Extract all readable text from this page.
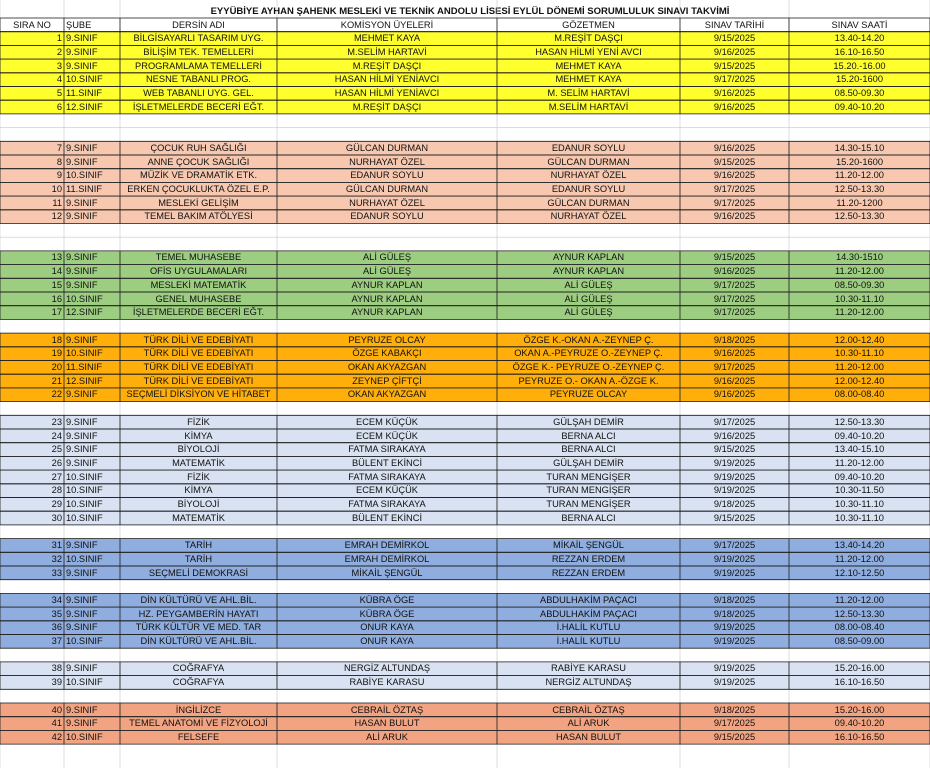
EYYÜBİYE AYHAN ŞAHENK MESLEKİ VE TEKNİK ANDOLU LİSESİ EYLÜL DÖNEMİ SORUMLULUK SINAVI TAKVİMİ
SIRA NO	ŞUBE	DERSİN ADI	KOMİSYON ÜYELERİ	GÖZETMEN	SINAV TARİHİ	SINAV SAATİ
1 9.SINIF	BİLGİSAYARLI TASARIM UYG.	MEHMET KAYA	M.REŞİT DAŞÇI	9/15/2025	13.40-14.20
2 9.SINIF	BİLİŞİM TEK. TEMELLERİ	M.SELİM HARTAVİ	HASAN HİLMİ YENİ AVCI	9/16/2025	16.10-16.50
3 9.SINIF	PROGRAMLAMA TEMELLERİ	M.REŞİT DAŞÇI	MEHMET KAYA	9/15/2025	15.20.-16.00
4 10.SINIF	NESNE TABANLI PROG.	HASAN HİLMİ YENİAVCI	MEHMET KAYA	9/17/2025	15.20-1600
5 11.SINIF	WEB TABANLI UYG. GEL.	HASAN HİLMİ YENİAVCI	M. SELİM HARTAVİ	9/16/2025	08.50-09.30
6 12.SINIF	İŞLETMELERDE BECERİ EĞT.	M.REŞİT DAŞÇI	M.SELİM HARTAVİ	9/16/2025	09.40-10.20
7 9.SINIF	ÇOCUK RUH SAĞLIĞI	GÜLCAN DURMAN	EDANUR SOYLU	9/16/2025	14.30-15.10
8 9.SINIF	ANNE ÇOCUK SAĞLIĞI	NURHAYAT ÖZEL	GÜLCAN DURMAN	9/15/2025	15.20-1600
9 10.SINIF	MÜZİK VE DRAMATİK ETK.	EDANUR SOYLU	NURHAYAT ÖZEL	9/16/2025	11.20-12.00
10 11.SINIF	ERKEN ÇOCUKLUKTA ÖZEL E.P.	GÜLCAN DURMAN	EDANUR SOYLU	9/17/2025	12.50-13.30
11 9.SINIF	MESLEKİ GELİŞİM	NURHAYAT ÖZEL	GÜLCAN DURMAN	9/17/2025	11.20-1200
12 9.SINIF	TEMEL BAKIM ATÖLYESİ	EDANUR SOYLU	NURHAYAT ÖZEL	9/16/2025	12.50-13.30
13 9.SINIF	TEMEL MUHASEBE	ALİ GÜLEŞ	AYNUR KAPLAN	9/15/2025	14.30-1510
14 9.SINIF	OFİS UYGULAMALARI	ALİ GÜLEŞ	AYNUR KAPLAN	9/16/2025	11.20-12.00
15 9.SINIF	MESLEKİ MATEMATİK	AYNUR KAPLAN	ALİ GÜLEŞ	9/17/2025	08.50-09.30
16 10.SINIF	GENEL MUHASEBE	AYNUR KAPLAN	ALİ GÜLEŞ	9/17/2025	10.30-11.10
17 12.SINIF	İŞLETMELERDE BECERİ EĞT.	AYNUR KAPLAN	ALİ GÜLEŞ	9/17/2025	11.20-12.00
18 9.SINIF	TÜRK DİLİ VE EDEBİYATI	PEYRUZE OLCAY	ÖZGE K.-OKAN A.-ZEYNEP Ç.	9/18/2025	12.00-12.40
19 10.SINIF	TÜRK DİLİ VE EDEBİYATI	ÖZGE KABAKÇI	OKAN A.-PEYRUZE O.-ZEYNEP Ç.	9/16/2025	10.30-11.10
20 11.SINIF	TÜRK DİLİ VE EDEBİYATI	OKAN AKYAZGAN	ÖZGE K.- PEYRUZE O.-ZEYNEP Ç.	9/17/2025	11.20-12.00
21 12.SINIF	TÜRK DİLİ VE EDEBİYATI	ZEYNEP ÇİFTÇİ	PEYRUZE O.- OKAN A.-ÖZGE K.	9/16/2025	12.00-12.40
22 9.SINIF	SEÇMELİ DİKSİYON VE HİTABET	OKAN AKYAZGAN	PEYRUZE OLCAY	9/16/2025	08.00-08.40
23 9.SINIF	FİZİK	ECEM KÜÇÜK	GÜLŞAH DEMİR	9/17/2025	12.50-13.30
24 9.SINIF	KİMYA	ECEM KÜÇÜK	BERNA ALCI	9/16/2025	09.40-10.20
25 9.SINIF	BİYOLOJİ	FATMA SIRAKAYA	BERNA ALCI	9/15/2025	13.40-15.10
26 9.SINIF	MATEMATİK	BÜLENT EKİNCİ	GÜLŞAH DEMİR	9/19/2025	11.20-12.00
27 10.SINIF	FİZİK	FATMA SIRAKAYA	TURAN MENGİŞER	9/19/2025	09.40-10.20
28 10.SINIF	KİMYA	ECEM KÜÇÜK	TURAN MENGİŞER	9/19/2025	10.30-11.50
29 10.SINIF	BİYOLOJİ	FATMA SIRAKAYA	TURAN MENGİŞER	9/18/2025	10.30-11.10
30 10.SINIF	MATEMATİK	BÜLENT EKİNCİ	BERNA ALCI	9/15/2025	10.30-11.10
31 9.SINIF	TARİH	EMRAH DEMİRKOL	MİKAİL ŞENGÜL	9/17/2025	13.40-14.20
32 10.SINIF	TARİH	EMRAH DEMİRKOL	REZZAN ERDEM	9/19/2025	11.20-12.00
33 9.SINIF	SEÇMELİ DEMOKRASİ	MİKAİL ŞENGÜL	REZZAN ERDEM	9/19/2025	12.10-12.50
34 9.SINIF	DİN KÜLTÜRÜ VE AHL.BİL.	KÜBRA ÖGE	ABDULHAKİM PAÇACI	9/18/2025	11.20-12.00
35 9.SINIF	HZ. PEYGAMBERİN HAYATI	KÜBRA ÖGE	ABDULHAKİM PAÇACI	9/18/2025	12.50-13.30
36 9.SINIF	TÜRK KÜLTÜR VE MED. TAR	ONUR KAYA	İ.HALİL KUTLU	9/19/2025	08.00-08.40
37 10.SINIF	DİN KÜLTÜRÜ VE AHL.BİL.	ONUR KAYA	İ.HALİL KUTLU	9/19/2025	08.50-09.00
38 9.SINIF	COĞRAFYA	NERGİZ ALTUNDAŞ	RABİYE KARASU	9/19/2025	15.20-16.00
39 10.SINIF	COĞRAFYA	RABİYE KARASU	NERGİZ ALTUNDAŞ	9/19/2025	16.10-16.50
40 9.SINIF	İNGİLİZCE	CEBRAİL ÖZTAŞ	CEBRAİL ÖZTAŞ	9/18/2025	15.20-16.00
41 9.SINIF	TEMEL ANATOMİ VE FİZYOLOJİ	HASAN BULUT	ALİ ARUK	9/17/2025	09.40-10.20
42 10.SINIF	FELSEFE	ALİ ARUK	HASAN BULUT	9/15/2025	16.10-16.50
